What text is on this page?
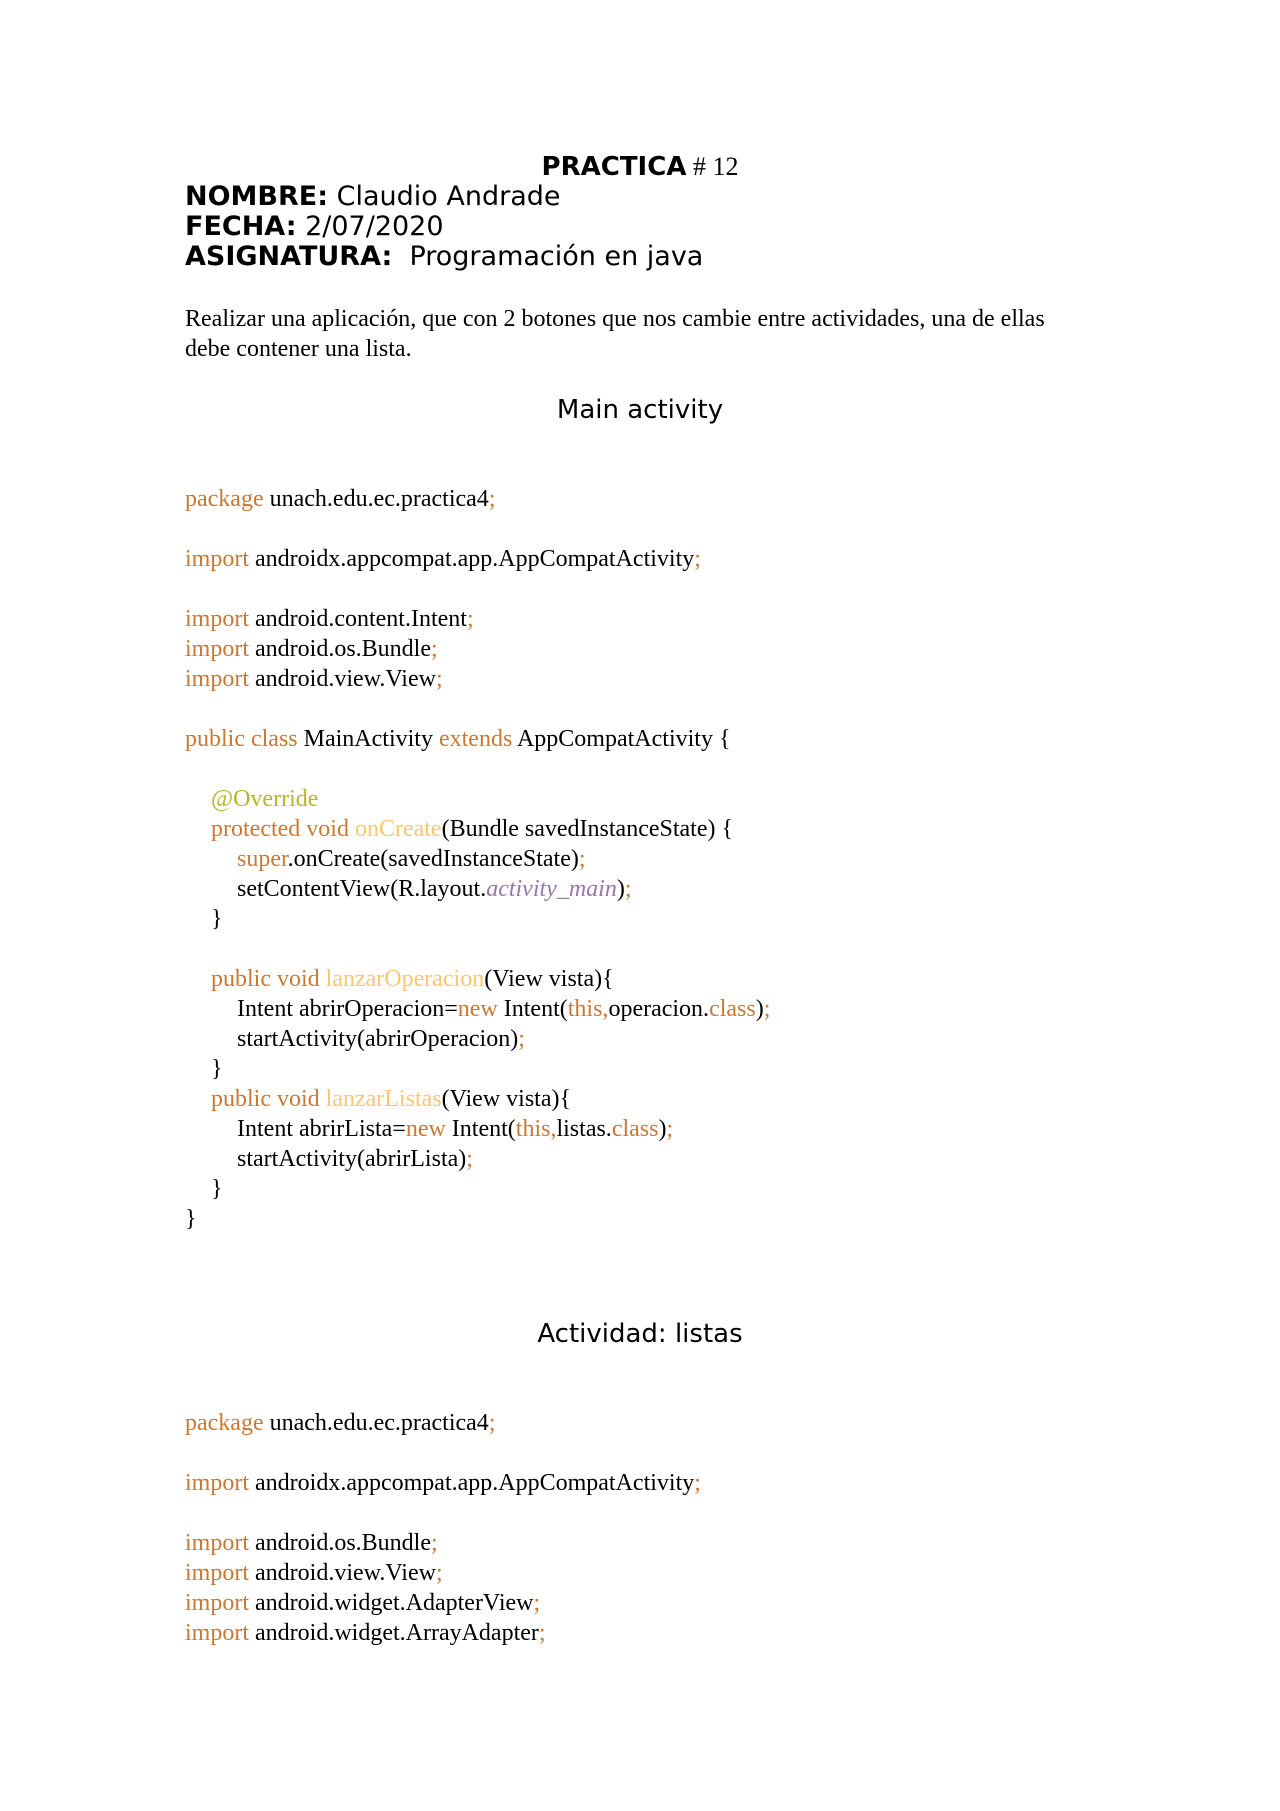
PRACTICA # 12
NOMBRE: Claudio Andrade
FECHA: 2/07/2020
ASIGNATURA: Programación en java
Realizar una aplicación, que con 2 botones que nos cambie entre actividades, una de ellas debe contener una lista.
Main activity
package unach.edu.ec.practica4;
import androidx.appcompat.app.AppCompatActivity;
import android.content.Intent;
import android.os.Bundle;
import android.view.View;
public class MainActivity extends AppCompatActivity {
@Override
protected void onCreate(Bundle savedInstanceState) {
super.onCreate(savedInstanceState);
setContentView(R.layout.activity_main);
}
public void lanzarOperacion(View vista){
Intent abrirOperacion=new Intent(this,operacion.class);
startActivity(abrirOperacion);
}
public void lanzarListas(View vista){
Intent abrirLista=new Intent(this,listas.class);
startActivity(abrirLista);
}
}
Actividad: listas
package unach.edu.ec.practica4;
import androidx.appcompat.app.AppCompatActivity;
import android.os.Bundle;
import android.view.View;
import android.widget.AdapterView;
import android.widget.ArrayAdapter;
